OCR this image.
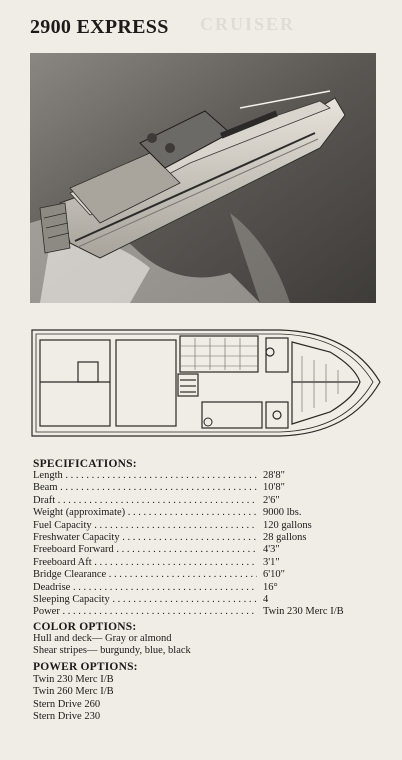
2900 EXPRESS CRUISER
SPECIFICATIONS:
Length . . .	28'8"
Beam . . .	10'8"
Draft . . .	2'6"
Weight (approximate) . . .	9000 lbs.
Fuel Capacity . . .	120 gallons
Freshwater Capacity . . .	28 gallons
Freeboard Forward . . .	4'3"
Freeboard Aft . . .	3'1"
Bridge Clearance . . .	6'10"
Deadrise . . .	16°
Sleeping Capacity . . .	4
Power . . .	Twin 230 Merc I/B
COLOR OPTIONS:
Hull and deck— Gray or almond
Shear stripes— burgundy, blue, black
POWER OPTIONS:
Twin 230 Merc I/B
Twin 260 Merc I/B
Stern Drive 260
Stern Drive 230
